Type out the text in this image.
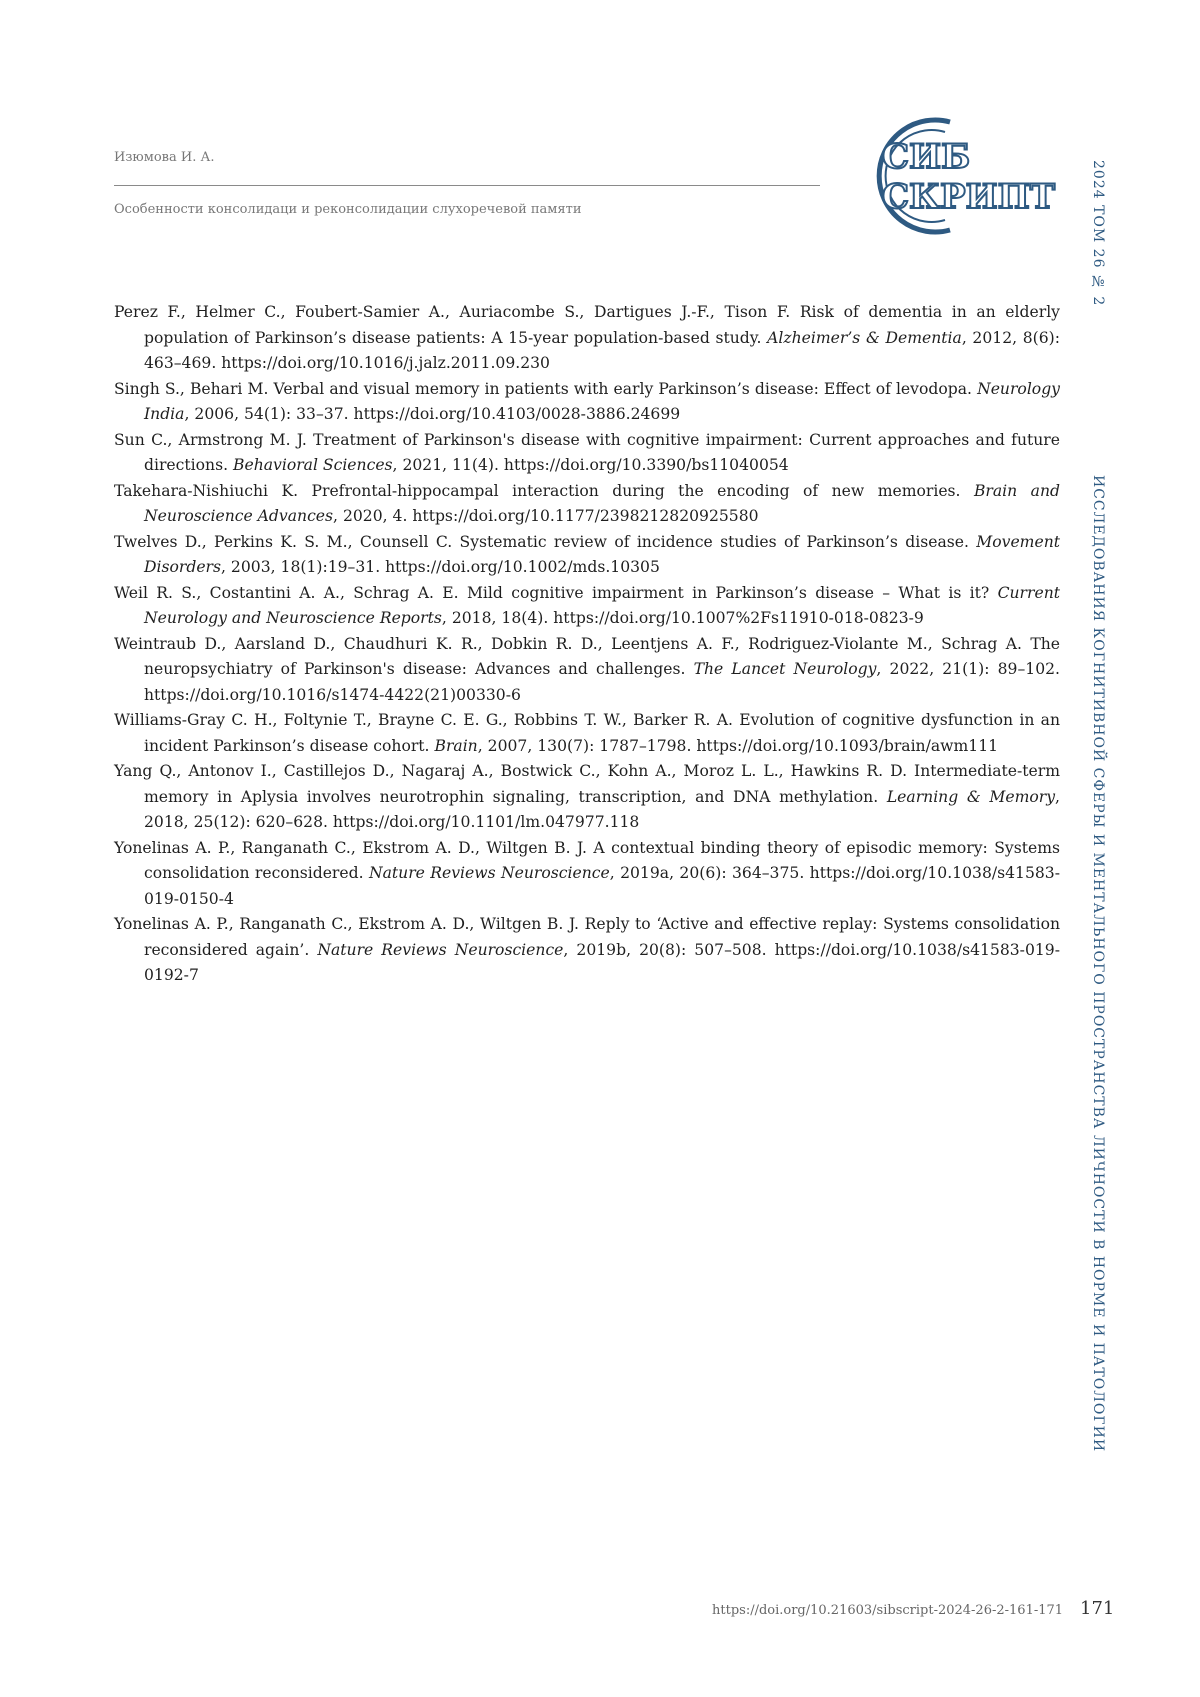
Изюмова И. А.
Особенности консолидаци и реконсолидации слухоречевой памяти
СИБ
СКРИПТ 2024 ТОМ 26 № 2
ИССЛЕДОВАНИЯ КОГНИТИВНОЙ СФЕРЫ И МЕНТАЛЬНОГО ПРОСТРАНСТВА ЛИЧНОСТИ В НОРМЕ И ПАТОЛОГИИ
Perez F., Helmer C., Foubert-Samier A., Auriacombe S., Dartigues J.-F., Tison F. Risk of dementia in an elderly population of Parkinson’s disease patients: A 15-year population-based study. Alzheimer’s & Dementia, 2012, 8(6): 463–469. https://doi.org/10.1016/j.jalz.2011.09.230
Singh S., Behari M. Verbal and visual memory in patients with early Parkinson’s disease: Effect of levodopa. Neurology India, 2006, 54(1): 33–37. https://doi.org/10.4103/0028-3886.24699
Sun C., Armstrong M. J. Treatment of Parkinson's disease with cognitive impairment: Current approaches and future directions. Behavioral Sciences, 2021, 11(4). https://doi.org/10.3390/bs11040054
Takehara-Nishiuchi K. Prefrontal-hippocampal interaction during the encoding of new memories. Brain and Neuroscience Advances, 2020, 4. https://doi.org/10.1177/2398212820925580
Twelves D., Perkins K. S. M., Counsell C. Systematic review of incidence studies of Parkinson’s disease. Movement Disorders, 2003, 18(1):19–31. https://doi.org/10.1002/mds.10305
Weil R. S., Costantini A. A., Schrag A. E. Mild cognitive impairment in Parkinson’s disease – What is it? Current Neurology and Neuroscience Reports, 2018, 18(4). https://doi.org/10.1007%2Fs11910-018-0823-9
Weintraub D., Aarsland D., Chaudhuri K. R., Dobkin R. D., Leentjens A. F., Rodriguez-Violante M., Schrag A. The neuropsychiatry of Parkinson's disease: Advances and challenges. The Lancet Neurology, 2022, 21(1): 89–102. https://doi.org/10.1016/s1474-4422(21)00330-6
Williams-Gray C. H., Foltynie T., Brayne C. E. G., Robbins T. W., Barker R. A. Evolution of cognitive dysfunction in an incident Parkinson’s disease cohort. Brain, 2007, 130(7): 1787–1798. https://doi.org/10.1093/brain/awm111
Yang Q., Antonov I., Castillejos D., Nagaraj A., Bostwick C., Kohn A., Moroz L. L., Hawkins R. D. Intermediate-term memory in Aplysia involves neurotrophin signaling, transcription, and DNA methylation. Learning & Memory, 2018, 25(12): 620–628. https://doi.org/10.1101/lm.047977.118
Yonelinas A. P., Ranganath C., Ekstrom A. D., Wiltgen B. J. A contextual binding theory of episodic memory: Systems consolidation reconsidered. Nature Reviews Neuroscience, 2019a, 20(6): 364–375. https://doi.org/10.1038/s41583-019-0150-4
Yonelinas A. P., Ranganath C., Ekstrom A. D., Wiltgen B. J. Reply to ‘Active and effective replay: Systems consolidation reconsidered again’. Nature Reviews Neuroscience, 2019b, 20(8): 507–508. https://doi.org/10.1038/s41583-019-0192-7
https://doi.org/10.21603/sibscript-2024-26-2-161-171 171
